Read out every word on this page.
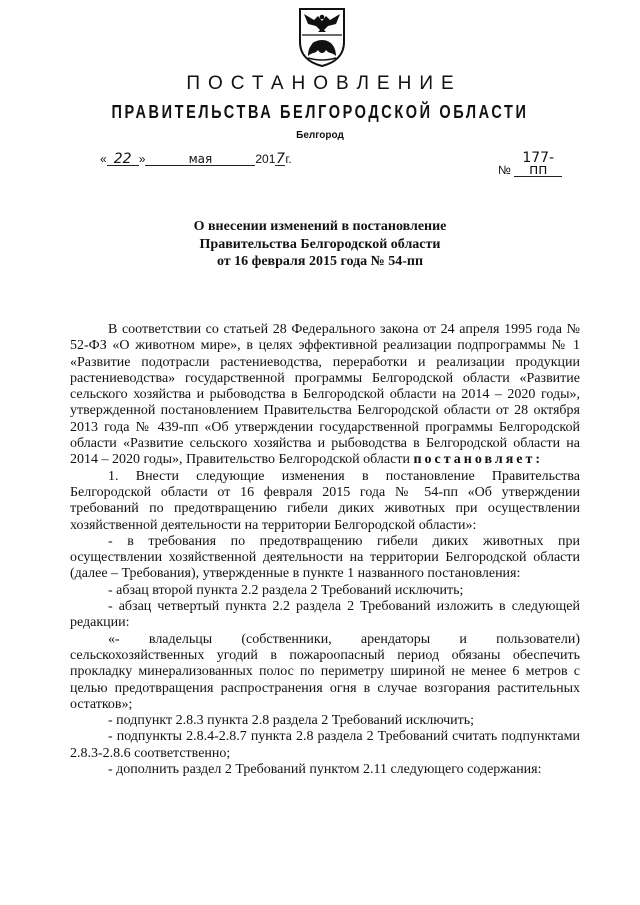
ПОСТАНОВЛЕНИЕ
ПРАВИТЕЛЬСТВА БЕЛГОРОДСКОЙ ОБЛАСТИ
Белгород
« 22 »	мая	2017г.
№ 177-пп
О внесении изменений в постановление
Правительства Белгородской области
от 16 февраля 2015 года № 54-пп

В соответствии со статьей 28 Федерального закона от 24 апреля 1995 года № 52-ФЗ «О животном мире», в целях эффективной реализации подпрограммы № 1 «Развитие подотрасли растениеводства, переработки и реализации продукции растениеводства» государственной программы Белгородской области «Развитие сельского хозяйства и рыбоводства в Белгородской области на 2014 – 2020 годы», утвержденной постановлением Правительства Белгородской области от 28 октября 2013 года № 439-пп «Об утверждении государственной программы Белгородской области «Развитие сельского хозяйства и рыбоводства в Белгородской области на 2014 – 2020 годы», Правительство Белгородской области постановляет:

1. Внести следующие изменения в постановление Правительства Белгородской области от 16 февраля 2015 года № 54-пп «Об утверждении требований по предотвращению гибели диких животных при осуществлении хозяйственной деятельности на территории Белгородской области»:

- в требования по предотвращению гибели диких животных при осуществлении хозяйственной деятельности на территории Белгородской области (далее – Требования), утвержденные в пункте 1 названного постановления:

- абзац второй пункта 2.2 раздела 2 Требований исключить;

- абзац четвертый пункта 2.2 раздела 2 Требований изложить в следующей редакции:

«- владельцы (собственники, арендаторы и пользователи) сельскохозяйственных угодий в пожароопасный период обязаны обеспечить прокладку минерализованных полос по периметру шириной не менее 6 метров с целью предотвращения распространения огня в случае возгорания растительных остатков»;

- подпункт 2.8.3 пункта 2.8 раздела 2 Требований исключить;

- подпункты 2.8.4-2.8.7 пункта 2.8 раздела 2 Требований считать подпунктами 2.8.3-2.8.6 соответственно;

- дополнить раздел 2 Требований пунктом 2.11 следующего содержания:
